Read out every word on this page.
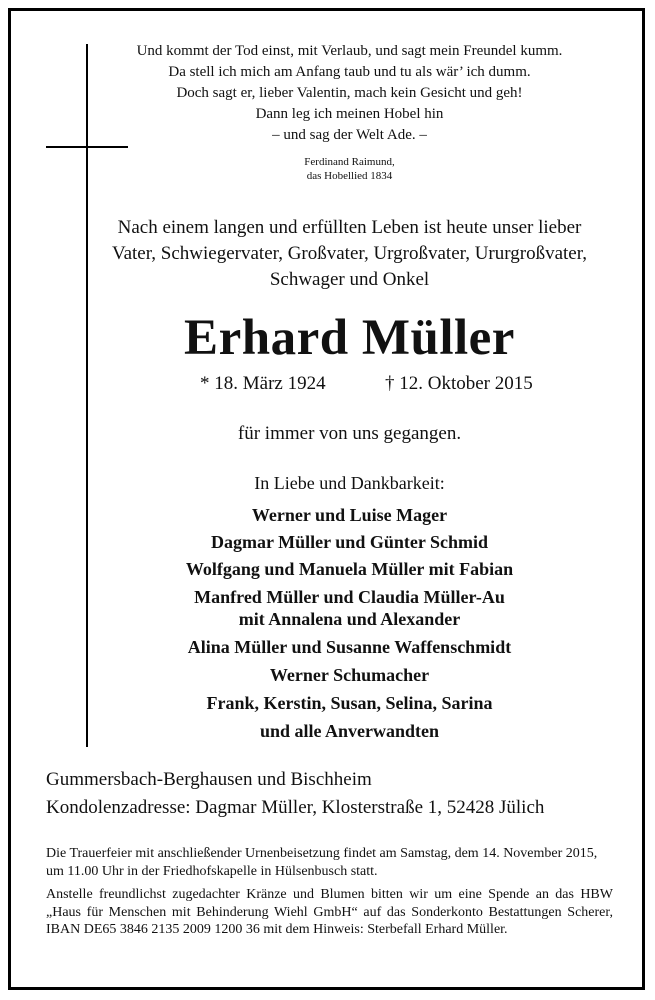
Und kommt der Tod einst, mit Verlaub, und sagt mein Freundel kumm.
Da stell ich mich am Anfang taub und tu als wär’ ich dumm.
Doch sagt er, lieber Valentin, mach kein Gesicht und geh!
Dann leg ich meinen Hobel hin
– und sag der Welt Ade. –
Ferdinand Raimund,
das Hobellied 1834
Nach einem langen und erfüllten Leben ist heute unser lieber
Vater, Schwiegervater, Großvater, Urgroßvater, Ururgroßvater,
Schwager und Onkel
Erhard Müller
* 18. März 1924	† 12. Oktober 2015
für immer von uns gegangen.
In Liebe und Dankbarkeit:
Werner und Luise Mager
Dagmar Müller und Günter Schmid
Wolfgang und Manuela Müller mit Fabian
Manfred Müller und Claudia Müller-Au
mit Annalena und Alexander
Alina Müller und Susanne Waffenschmidt
Werner Schumacher
Frank, Kerstin, Susan, Selina, Sarina
und alle Anverwandten
Gummersbach-Berghausen und Bischheim
Kondolenzadresse: Dagmar Müller, Klosterstraße 1, 52428 Jülich
Die Trauerfeier mit anschließender Urnenbeisetzung findet am Samstag, dem 14. November 2015,
um 11.00 Uhr in der Friedhofskapelle in Hülsenbusch statt.
Anstelle freundlichst zugedachter Kränze und Blumen bitten wir um eine Spende an das HBW „Haus für Menschen mit Behinderung Wiehl GmbH“ auf das Sonderkonto Bestattungen Scherer, IBAN DE65 3846 2135 2009 1200 36 mit dem Hinweis: Sterbefall Erhard Müller.
